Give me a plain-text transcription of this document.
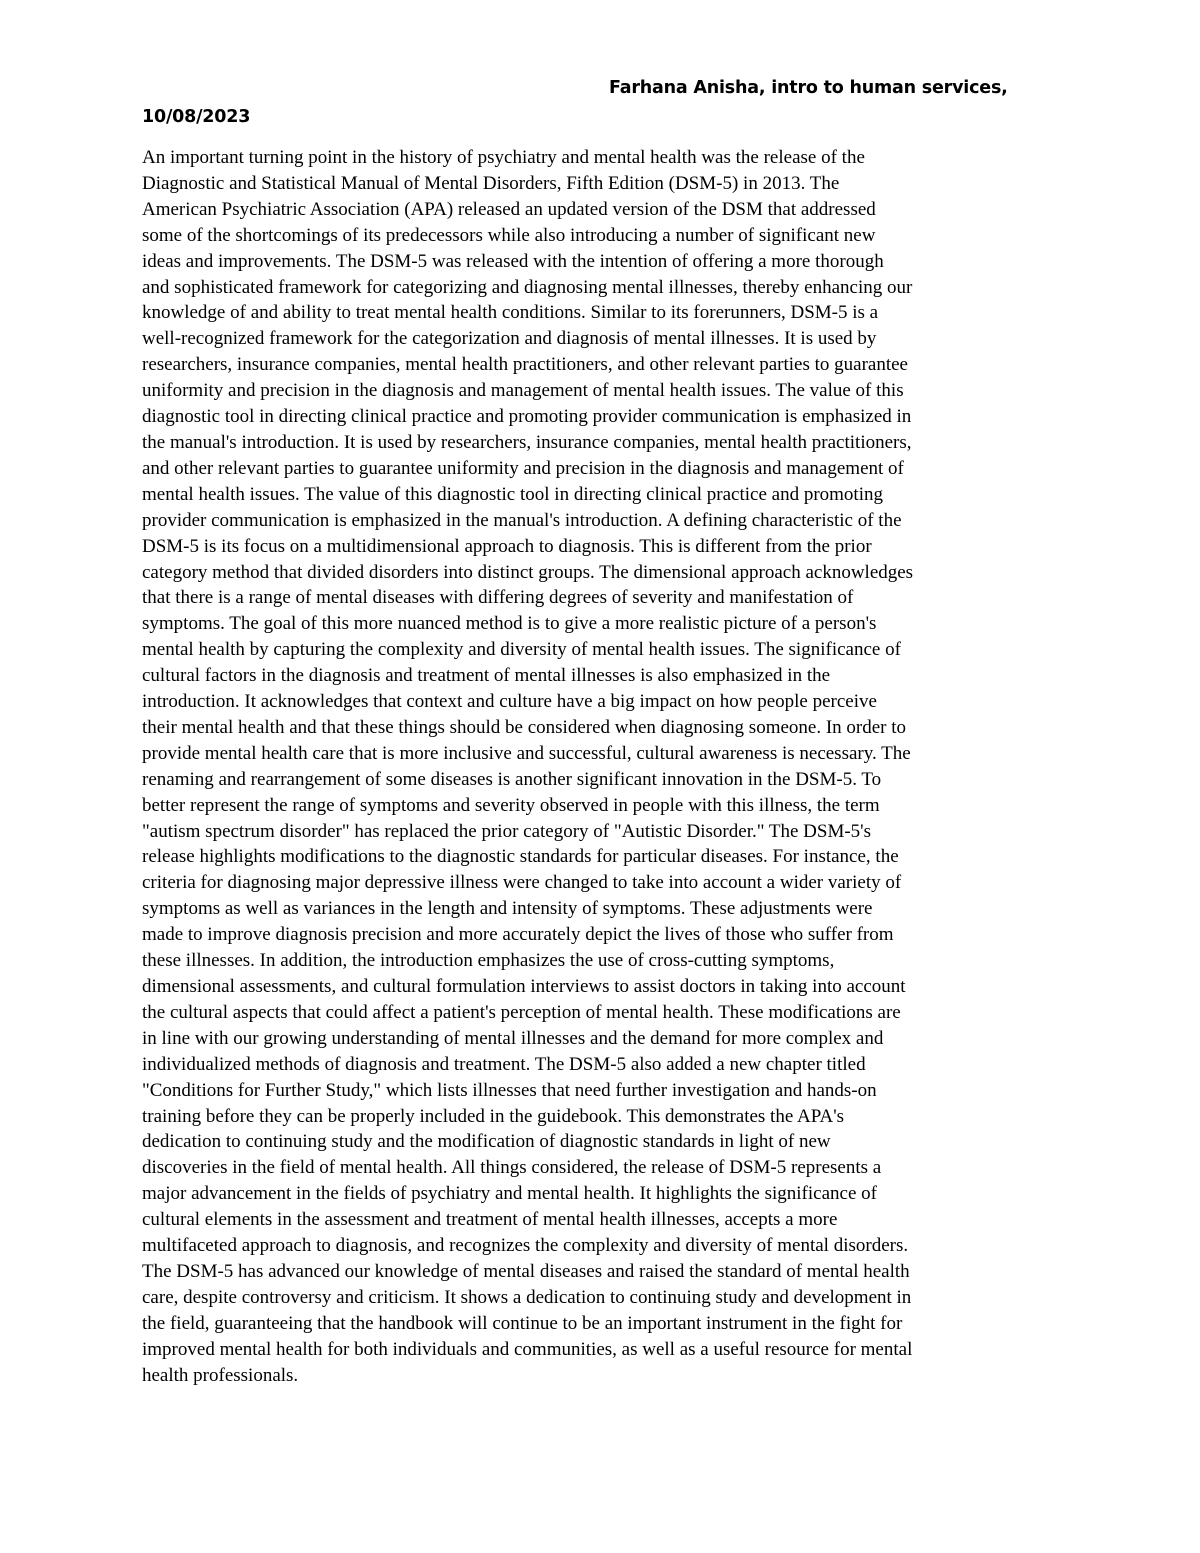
Farhana Anisha, intro to human services,
10/08/2023
An important turning point in the history of psychiatry and mental health was the release of the
Diagnostic and Statistical Manual of Mental Disorders, Fifth Edition (DSM-5) in 2013. The
American Psychiatric Association (APA) released an updated version of the DSM that addressed
some of the shortcomings of its predecessors while also introducing a number of significant new
ideas and improvements. The DSM-5 was released with the intention of offering a more thorough
and sophisticated framework for categorizing and diagnosing mental illnesses, thereby enhancing our
knowledge of and ability to treat mental health conditions. Similar to its forerunners, DSM-5 is a
well-recognized framework for the categorization and diagnosis of mental illnesses. It is used by
researchers, insurance companies, mental health practitioners, and other relevant parties to guarantee
uniformity and precision in the diagnosis and management of mental health issues. The value of this
diagnostic tool in directing clinical practice and promoting provider communication is emphasized in
the manual's introduction. It is used by researchers, insurance companies, mental health practitioners,
and other relevant parties to guarantee uniformity and precision in the diagnosis and management of
mental health issues. The value of this diagnostic tool in directing clinical practice and promoting
provider communication is emphasized in the manual's introduction. A defining characteristic of the
DSM-5 is its focus on a multidimensional approach to diagnosis. This is different from the prior
category method that divided disorders into distinct groups. The dimensional approach acknowledges
that there is a range of mental diseases with differing degrees of severity and manifestation of
symptoms. The goal of this more nuanced method is to give a more realistic picture of a person's
mental health by capturing the complexity and diversity of mental health issues. The significance of
cultural factors in the diagnosis and treatment of mental illnesses is also emphasized in the
introduction. It acknowledges that context and culture have a big impact on how people perceive
their mental health and that these things should be considered when diagnosing someone. In order to
provide mental health care that is more inclusive and successful, cultural awareness is necessary. The
renaming and rearrangement of some diseases is another significant innovation in the DSM-5. To
better represent the range of symptoms and severity observed in people with this illness, the term
"autism spectrum disorder" has replaced the prior category of "Autistic Disorder." The DSM-5's
release highlights modifications to the diagnostic standards for particular diseases. For instance, the
criteria for diagnosing major depressive illness were changed to take into account a wider variety of
symptoms as well as variances in the length and intensity of symptoms. These adjustments were
made to improve diagnosis precision and more accurately depict the lives of those who suffer from
these illnesses. In addition, the introduction emphasizes the use of cross-cutting symptoms,
dimensional assessments, and cultural formulation interviews to assist doctors in taking into account
the cultural aspects that could affect a patient's perception of mental health. These modifications are
in line with our growing understanding of mental illnesses and the demand for more complex and
individualized methods of diagnosis and treatment. The DSM-5 also added a new chapter titled
"Conditions for Further Study," which lists illnesses that need further investigation and hands-on
training before they can be properly included in the guidebook. This demonstrates the APA's
dedication to continuing study and the modification of diagnostic standards in light of new
discoveries in the field of mental health. All things considered, the release of DSM-5 represents a
major advancement in the fields of psychiatry and mental health. It highlights the significance of
cultural elements in the assessment and treatment of mental health illnesses, accepts a more
multifaceted approach to diagnosis, and recognizes the complexity and diversity of mental disorders.
The DSM-5 has advanced our knowledge of mental diseases and raised the standard of mental health
care, despite controversy and criticism. It shows a dedication to continuing study and development in
the field, guaranteeing that the handbook will continue to be an important instrument in the fight for
improved mental health for both individuals and communities, as well as a useful resource for mental
health professionals.
